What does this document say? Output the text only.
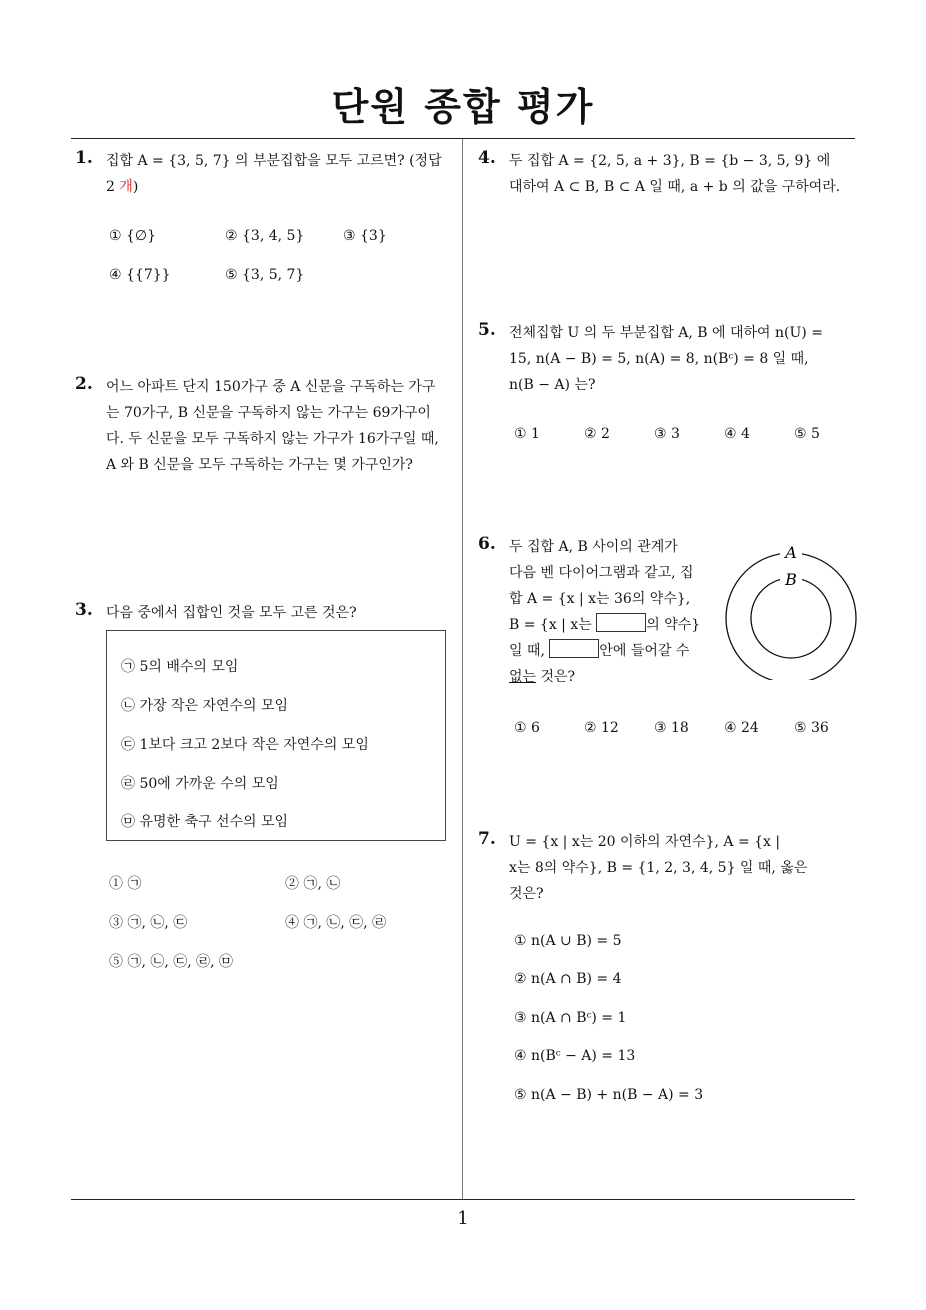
단원 종합 평가
1. 집합 A = {3, 5, 7} 의 부분집합을 모두 고르면? (정답
2 개)
① {∅}	② {3, 4, 5}	③ {3}
④ {{7}}	⑤ {3, 5, 7}
2. 어느 아파트 단지 150가구 중 A 신문을 구독하는 가구
는 70가구, B 신문을 구독하지 않는 가구는 69가구이
다. 두 신문을 모두 구독하지 않는 가구가 16가구일 때,
A 와 B 신문을 모두 구독하는 가구는 몇 가구인가?
3. 다음 중에서 집합인 것을 모두 고른 것은?
㉠ 5의 배수의 모임
㉡ 가장 작은 자연수의 모임
㉢ 1보다 크고 2보다 작은 자연수의 모임
㉣ 50에 가까운 수의 모임
㉤ 유명한 축구 선수의 모임
① ㉠	② ㉠, ㉡
③ ㉠, ㉡, ㉢	④ ㉠, ㉡, ㉢, ㉣
⑤ ㉠, ㉡, ㉢, ㉣, ㉤
4. 두 집합 A = {2, 5, a + 3}, B = {b − 3, 5, 9} 에
대하여 A ⊂ B, B ⊂ A 일 때, a + b 의 값을 구하여라.
5. 전체집합 U 의 두 부분집합 A, B 에 대하여 n(U) =
15, n(A − B) = 5, n(A) = 8, n(Bᶜ) = 8 일 때,
n(B − A) 는?
① 1	② 2	③ 3	④ 4	⑤ 5
6. 두 집합 A, B 사이의 관계가
다음 벤 다이어그램과 같고, 집
합 A = {x | x는 36의 약수},
B = {x | x는	의 약수}
일 때,	안에 들어갈 수
없는 것은?
A
B
① 6	② 12	③ 18	④ 24	⑤ 36
7. U = {x | x는 20 이하의 자연수}, A = {x |
x는 8의 약수}, B = {1, 2, 3, 4, 5} 일 때, 옳은
것은?
① n(A ∪ B) = 5
② n(A ∩ B) = 4
③ n(A ∩ Bᶜ) = 1
④ n(Bᶜ − A) = 13
⑤ n(A − B) + n(B − A) = 3
1
